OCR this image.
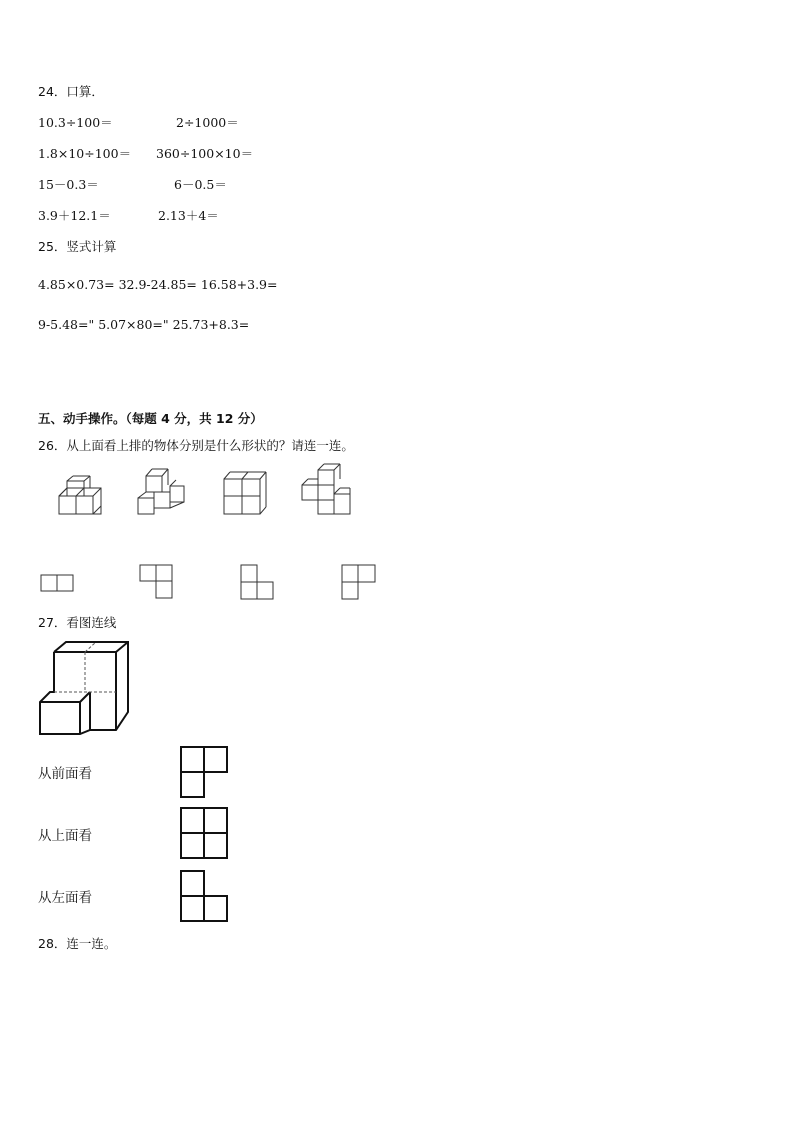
24．口算．
10.3÷100＝	2÷1000＝
1.8×10÷100＝ 360÷100×10＝
15－0.3＝	6－0.5＝
3.9＋12.1＝	2.13＋4＝
25．竖式计算
4.85×0.73= 32.9-24.85= 16.58+3.9=
9-5.48=" 5.07×80=" 25.73+8.3=
五、动手操作。（每题 4 分，共 12 分）
26．从上面看上排的物体分别是什么形状的？请连一连。
27．看图连线
从前面看
从上面看
从左面看
28．连一连。
